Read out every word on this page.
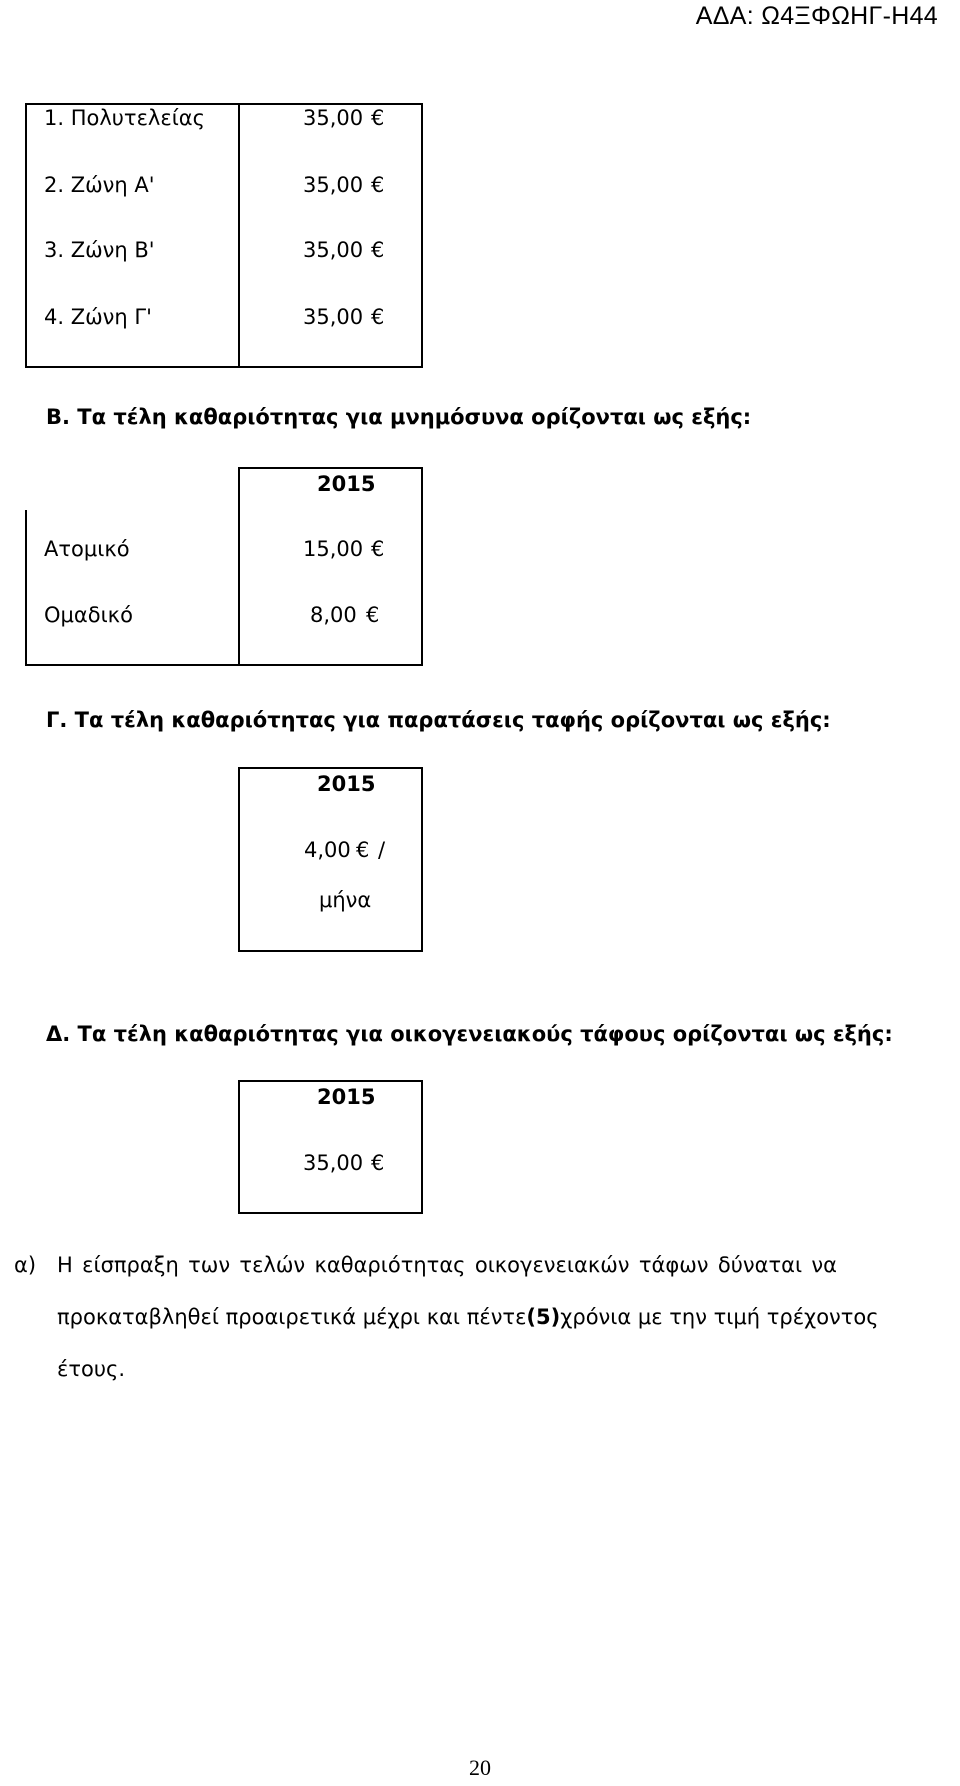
ΑΔΑ: Ω4ΞΦΩΗΓ-Η44
1. Πολυτελείας	35,00 €
2. Ζώνη Α'	35,00 €
3. Ζώνη Β'	35,00 €
4. Ζώνη Γ'	35,00 €
Β. Τα τέλη καθαριότητας για μνημόσυνα ορίζονται ως εξής:
2015
Ατομικό	15,00 €
Ομαδικό	8,00 €
Γ. Τα τέλη καθαριότητας για παρατάσεις ταφής ορίζονται ως εξής:
2015
4,00 € /
μήνα
Δ. Τα τέλη καθαριότητας για οικογενειακούς τάφους ορίζονται ως εξής:
2015
35,00 €
α) Η είσπραξη των τελών καθαριότητας οικογενειακών τάφων δύναται να
προκαταβληθεί προαιρετικά μέχρι και πέντε (5) χρόνια με την τιμή τρέχοντος
έτους.
20
